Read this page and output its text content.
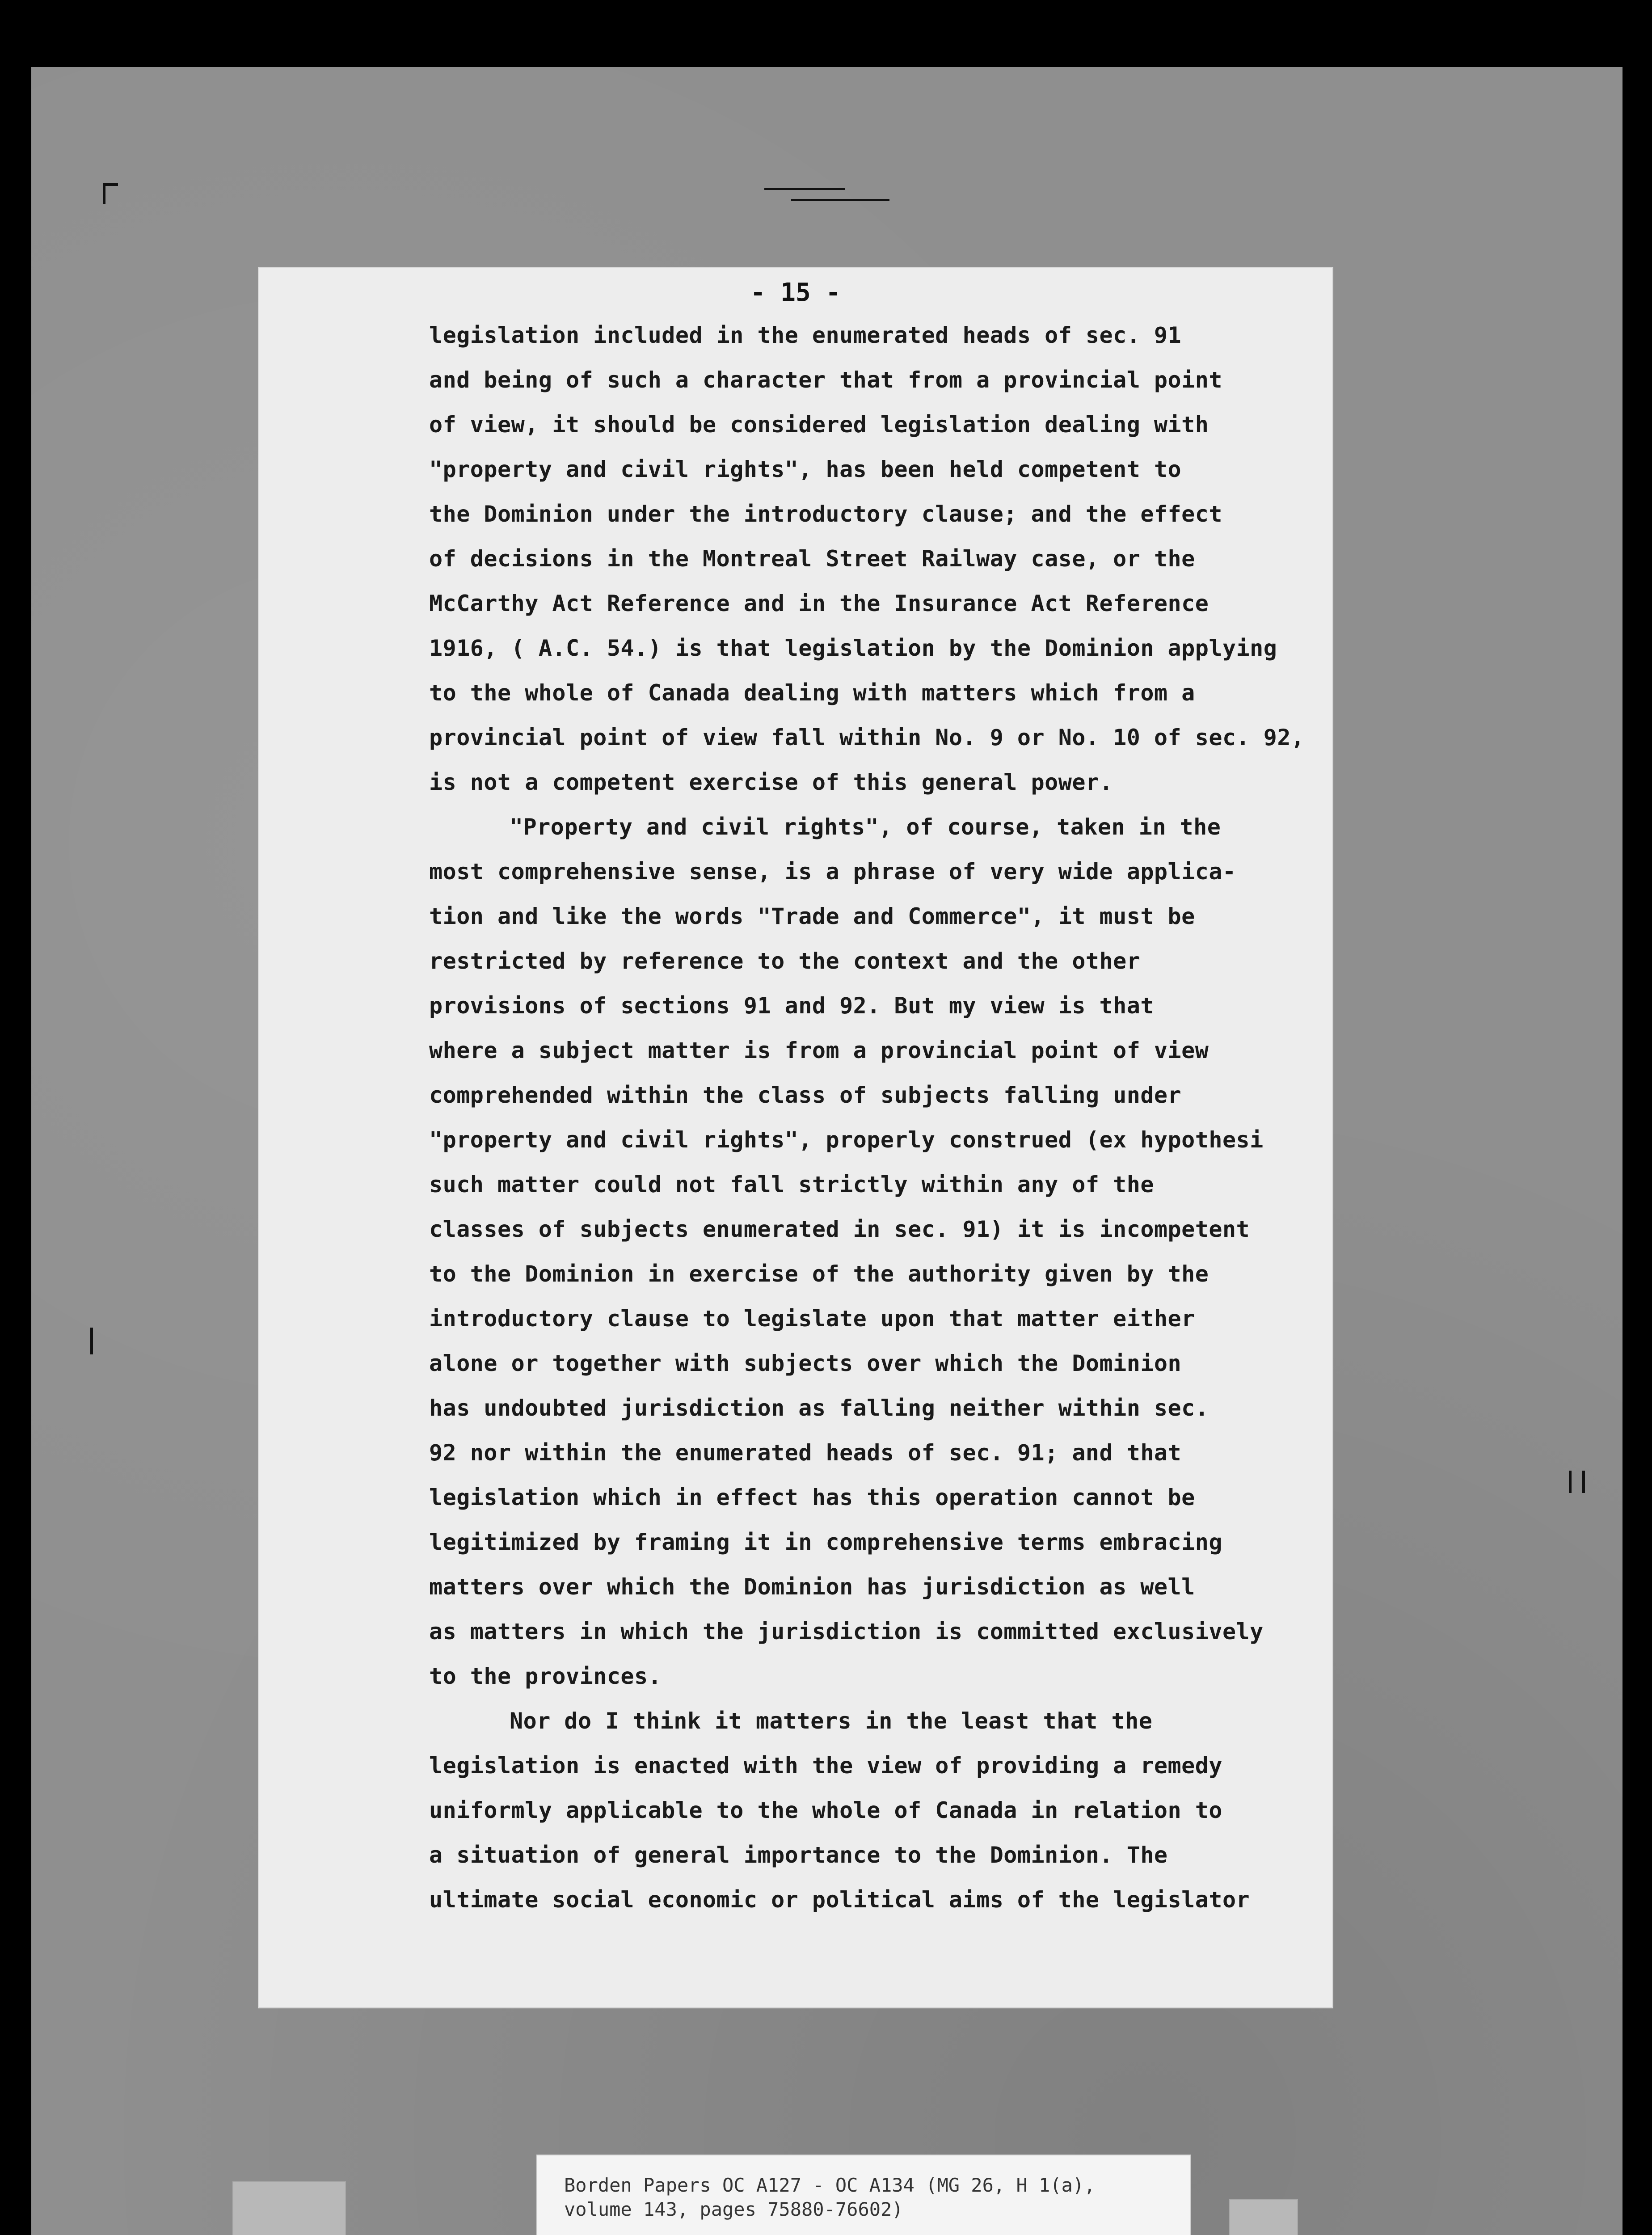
- 15 -
legislation included in the enumerated heads of sec. 91
and being of such a character that from a provincial point
of view, it should be considered legislation dealing with
"property and civil rights", has been held competent to
the Dominion under the introductory clause; and the effect
of decisions in the Montreal Street Railway case, or the
McCarthy Act Reference and in the Insurance Act Reference
1916, ( A.C. 54.) is that legislation by the Dominion applying
to the whole of Canada dealing with matters which from a
provincial point of view fall within No. 9 or No. 10 of sec. 92,
is not a competent exercise of this general power.
"Property and civil rights", of course, taken in the
most comprehensive sense, is a phrase of very wide applica-
tion and like the words "Trade and Commerce", it must be
restricted by reference to the context and the other
provisions of sections 91 and 92. But my view is that
where a subject matter is from a provincial point of view
comprehended within the class of subjects falling under
"property and civil rights", properly construed (ex hypothesi
such matter could not fall strictly within any of the
classes of subjects enumerated in sec. 91) it is incompetent
to the Dominion in exercise of the authority given by the
introductory clause to legislate upon that matter either
alone or together with subjects over which the Dominion
has undoubted jurisdiction as falling neither within sec.
92 nor within the enumerated heads of sec. 91; and that
legislation which in effect has this operation cannot be
legitimized by framing it in comprehensive terms embracing
matters over which the Dominion has jurisdiction as well
as matters in which the jurisdiction is committed exclusively
to the provinces.
Nor do I think it matters in the least that the
legislation is enacted with the view of providing a remedy
uniformly applicable to the whole of Canada in relation to
a situation of general importance to the Dominion. The
ultimate social economic or political aims of the legislator
Borden Papers OC A127 - OC A134 (MG 26, H 1(a),
volume 143, pages 75880-76602)
